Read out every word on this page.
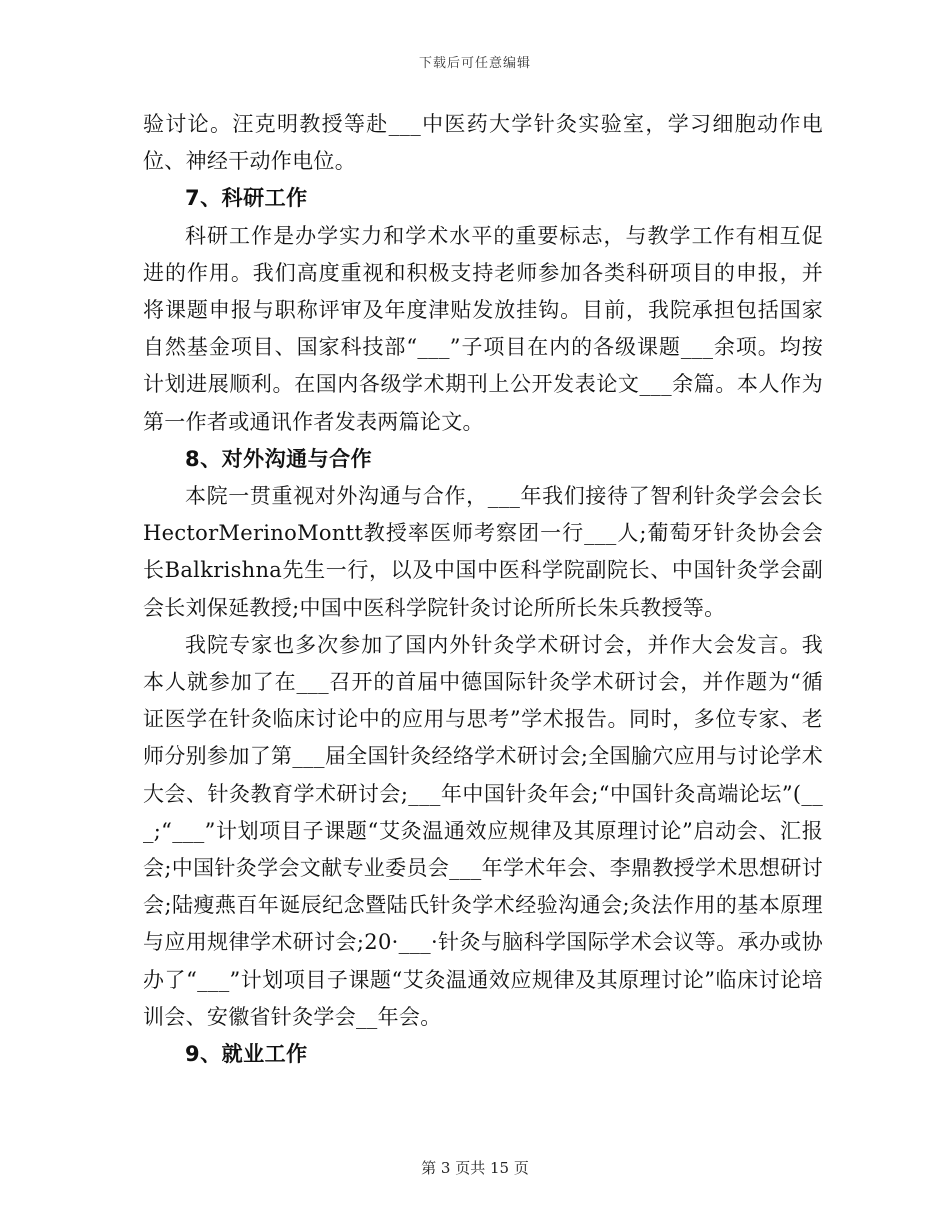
下载后可任意编辑

验讨论。汪克明教授等赴___中医药大学针灸实验室，学习细胞动作电位、神经干动作电位。

7、科研工作

科研工作是办学实力和学术水平的重要标志，与教学工作有相互促进的作用。我们高度重视和积极支持老师参加各类科研项目的申报，并将课题申报与职称评审及年度津贴发放挂钩。目前，我院承担包括国家自然基金项目、国家科技部“___”子项目在内的各级课题___余项。均按计划进展顺利。在国内各级学术期刊上公开发表论文___余篇。本人作为第一作者或通讯作者发表两篇论文。

8、对外沟通与合作

本院一贯重视对外沟通与合作，___年我们接待了智利针灸学会会长HectorMerinoMontt教授率医师考察团一行___人;葡萄牙针灸协会会长Balkrishna先生一行，以及中国中医科学院副院长、中国针灸学会副会长刘保延教授;中国中医科学院针灸讨论所所长朱兵教授等。

我院专家也多次参加了国内外针灸学术研讨会，并作大会发言。我本人就参加了在___召开的首届中德国际针灸学术研讨会，并作题为“循证医学在针灸临床讨论中的应用与思考”学术报告。同时，多位专家、老师分别参加了第___届全国针灸经络学术研讨会;全国腧穴应用与讨论学术大会、针灸教育学术研讨会;___年中国针灸年会;“中国针灸高端论坛”(___;“___”计划项目子课题“艾灸温通效应规律及其原理讨论”启动会、汇报会;中国针灸学会文献专业委员会___年学术年会、李鼎教授学术思想研讨会;陆瘦燕百年诞辰纪念暨陆氏针灸学术经验沟通会;灸法作用的基本原理与应用规律学术研讨会;20·___·针灸与脑科学国际学术会议等。承办或协办了“___”计划项目子课题“艾灸温通效应规律及其原理讨论”临床讨论培训会、安徽省针灸学会__年会。

9、就业工作
第 3 页共 15 页
